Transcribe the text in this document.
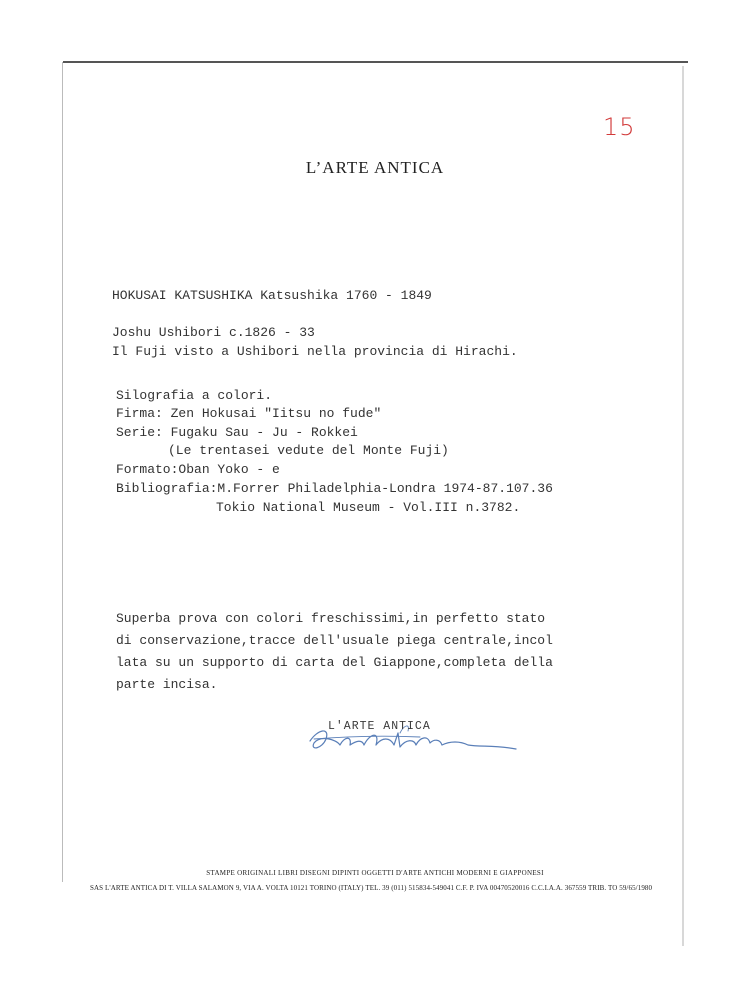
15
L’ARTE ANTICA
HOKUSAI KATSUSHIKA Katsushika 1760 - 1849
Joshu Ushibori c.1826 - 33
Il Fuji visto a Ushibori nella provincia di Hirachi.
Silografia a colori.
Firma: Zen Hokusai "Iitsu no fude"
Serie: Fugaku Sau - Ju - Rokkei
(Le trentasei vedute del Monte Fuji)
Formato:Oban Yoko - e
Bibliografia:M.Forrer Philadelphia-Londra 1974-87.107.36
Tokio National Museum - Vol.III n.3782.
Superba prova con colori freschissimi,in perfetto stato
di conservazione,tracce dell'usuale piega centrale,incol
lata su un supporto di carta del Giappone,completa della
parte incisa.
L'ARTE ANTICA
STAMPE ORIGINALI LIBRI DISEGNI DIPINTI OGGETTI D'ARTE ANTICHI MODERNI E GIAPPONESI
SAS L'ARTE ANTICA DI T. VILLA SALAMON 9, VIA A. VOLTA 10121 TORINO (ITALY) TEL. 39 (011) 515834-549041 C.F. P. IVA 00470520016 C.C.I.A.A. 367559 TRIB. TO 59/65/1980
